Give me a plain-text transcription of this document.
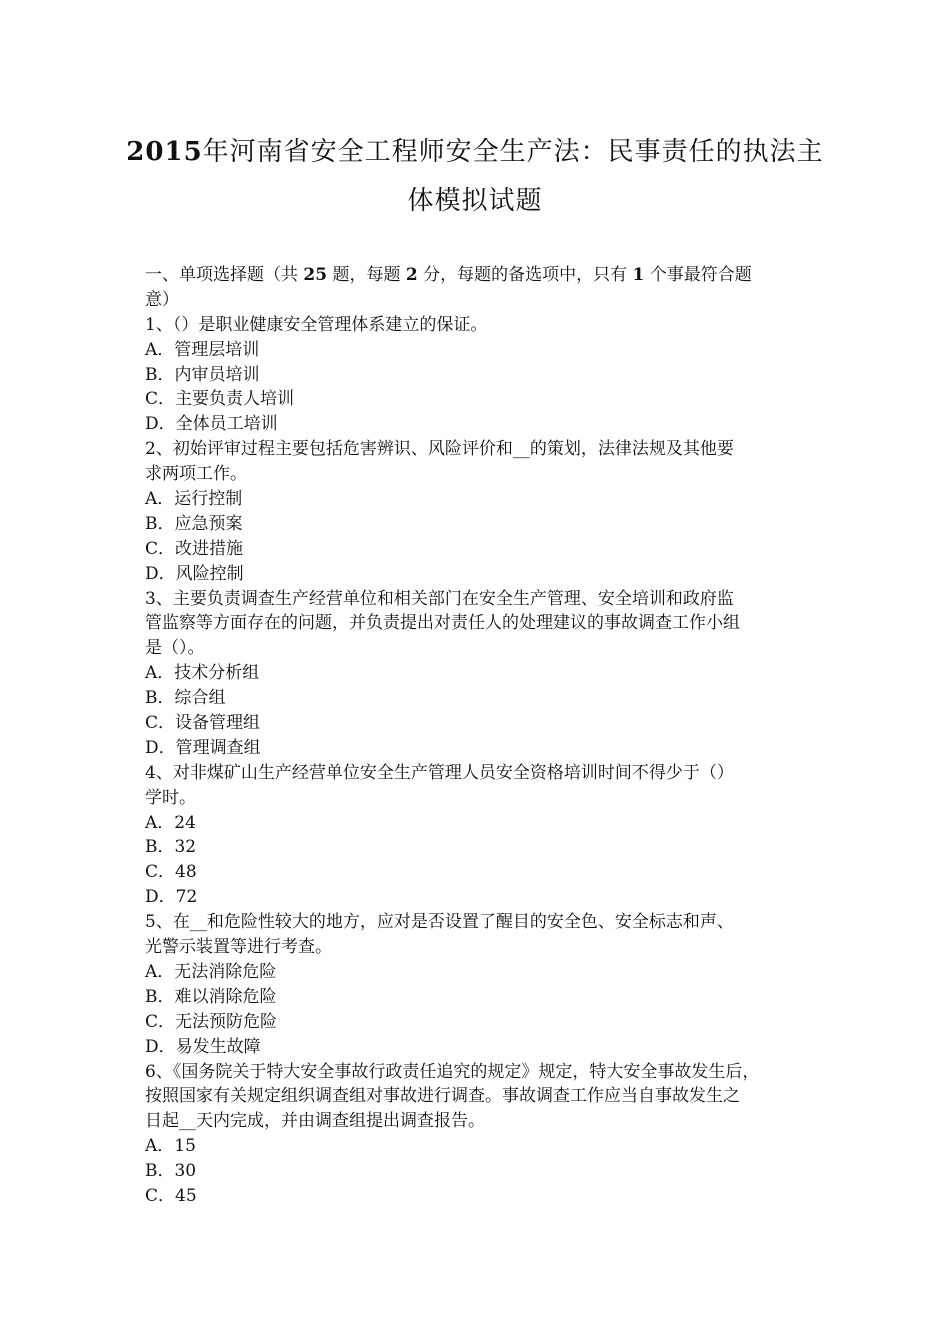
2015年河南省安全工程师安全生产法：民事责任的执法主
体模拟试题
一、单项选择题（共 25 题，每题 2 分，每题的备选项中，只有 1 个事最符合题
意）
1、（）是职业健康安全管理体系建立的保证。
A．管理层培训
B．内审员培训
C．主要负责人培训
D．全体员工培训
2、初始评审过程主要包括危害辨识、风险评价和__的策划，法律法规及其他要
求两项工作。
A．运行控制
B．应急预案
C．改进措施
D．风险控制
3、主要负责调查生产经营单位和相关部门在安全生产管理、安全培训和政府监
管监察等方面存在的问题，并负责提出对责任人的处理建议的事故调查工作小组
是（）。
A．技术分析组
B．综合组
C．设备管理组
D．管理调查组
4、对非煤矿山生产经营单位安全生产管理人员安全资格培训时间不得少于（）
学时。
A．24
B．32
C．48
D．72
5、在__和危险性较大的地方，应对是否设置了醒目的安全色、安全标志和声、
光警示装置等进行考查。
A．无法消除危险
B．难以消除危险
C．无法预防危险
D．易发生故障
6、《国务院关于特大安全事故行政责任追究的规定》规定，特大安全事故发生后，
按照国家有关规定组织调查组对事故进行调查。事故调查工作应当自事故发生之
日起__天内完成，并由调查组提出调查报告。
A．15
B．30
C．45
